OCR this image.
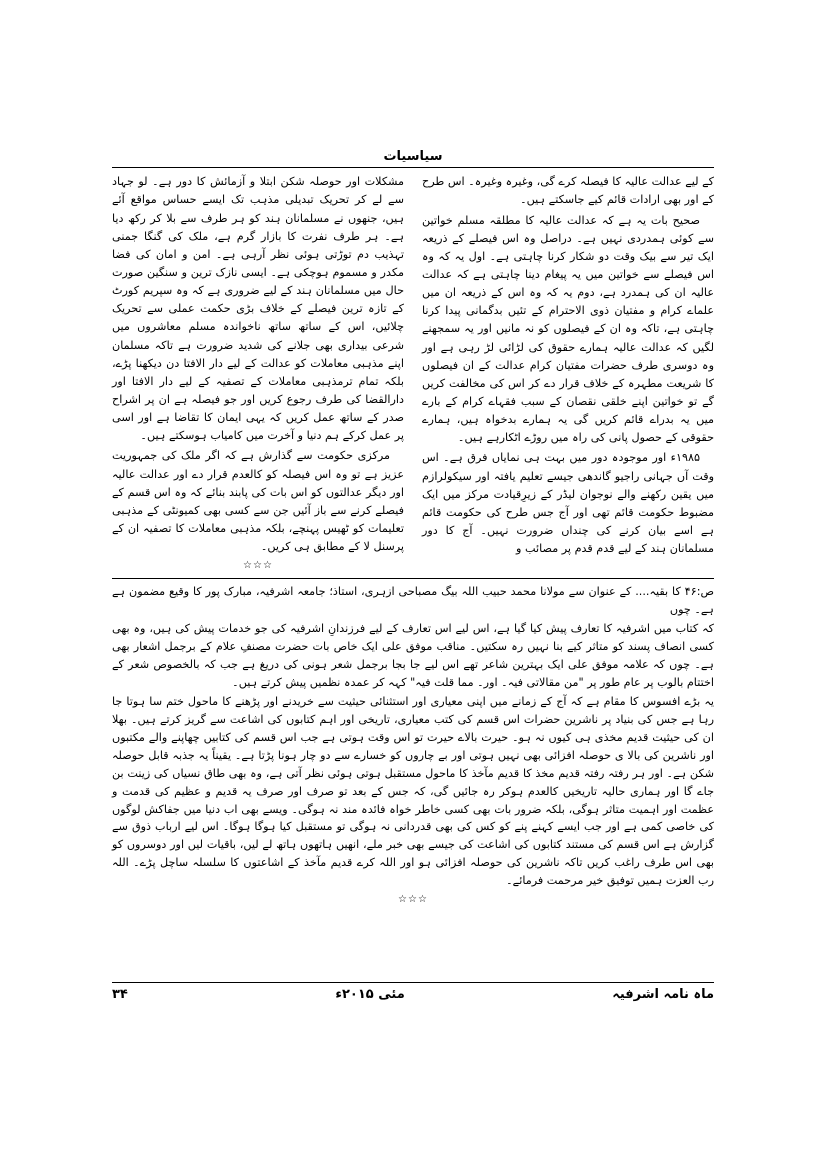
سیاسیات

کے لیے عدالت عالیہ کا فیصلہ کرے گی، وغیرہ وغیرہ۔ اس طرح کے اور بھی ارادات قائم کیے جاسکتے ہیں۔

صحیح بات یہ ہے کہ عدالت عالیہ کا مطلقہ مسلم خواتین سے کوئی ہمدردی نہیں ہے۔ دراصل وہ اس فیصلے کے ذریعہ ایک تیر سے بیک وقت دو شکار کرنا چاہتی ہے۔ اول یہ کہ وہ اس فیصلے سے خواتین میں یہ پیغام دینا چاہتی ہے کہ عدالت عالیہ ان کی ہمدرد ہے، دوم یہ کہ وہ اس کے ذریعہ ان میں علماے کرام و مفتیان ذوی الاحترام کے تئیں بدگمانی پیدا کرنا چاہتی ہے، تاکہ وہ ان کے فیصلوں کو نہ مانیں اور یہ سمجھنے لگیں کہ عدالت عالیہ ہمارے حقوق کی لڑائی لڑ رہی ہے اور وہ دوسری طرف حضرات مفتیان کرام عدالت کے ان فیصلوں کا شریعت مطہرہ کے خلاف قرار دے کر اس کی مخالفت کریں گے تو خواتین اپنے خلقی نقصان کے سبب فقہاے کرام کے بارے میں یہ بدراے قائم کریں گی یہ ہمارے بدخواہ ہیں، ہمارے حقوقی کے حصول پانی کی راہ میں روڑے اٹکارہے ہیں۔

۱۹۸۵ء اور موجودہ دور میں بہت ہی نمایاں فرق ہے۔ اس وقت آں جہانی راجیو گاندھی جیسے تعلیم یافتہ اور سیکولرازم میں یقین رکھنے والے نوجوان لیڈر کے زیرِقیادت مرکز میں ایک مضبوط حکومت قائم تھی اور آج جس طرح کی حکومت قائم ہے اسے بیان کرنے کی چنداں ضرورت نہیں۔ آج کا دور مسلمانان ہند کے لیے قدم قدم پر مصائب و

مشکلات اور حوصلہ شکن ابتلا و آزمائش کا دور ہے۔ لو جہاد سے لے کر تحریک تبدیلی مذہب تک ایسے حساس مواقع آئے ہیں، جنھوں نے مسلمانان ہند کو ہر طرف سے بلا کر رکھ دیا ہے۔ ہر طرف نفرت کا بازار گرم ہے، ملک کی گنگا جمنی تہذیب دم توڑتی ہوئی نظر آرہی ہے۔ امن و امان کی فضا مکدر و مسموم ہوچکی ہے۔ ایسی نازک ترین و سنگین صورت حال میں مسلمانان ہند کے لیے ضروری ہے کہ وہ سپریم کورٹ کے تازہ ترین فیصلے کے خلاف بڑی حکمت عملی سے تحریک چلائیں، اس کے ساتھ ساتھ ناخواندہ مسلم معاشروں میں شرعی بیداری بھی جلانے کی شدید ضرورت ہے تاکہ مسلمان اپنے مذہبی معاملات کو عدالت کے لیے دار الافتا دن دیکھنا پڑے، بلکہ تمام ترمذہبی معاملات کے تصفیہ کے لیے دار الافتا اور دارالقضا کی طرف رجوع کریں اور جو فیصلہ ہے ان پر اشراح صدر کے ساتھ عمل کریں کہ یہی ایمان کا تقاضا ہے اور اسی پر عمل کرکے ہم دنیا و آخرت میں کامیاب ہوسکتے ہیں۔

مرکزی حکومت سے گذارش ہے کہ اگر ملک کی جمہوریت عزیز ہے تو وہ اس فیصلہ کو کالعدم قرار دے اور عدالت عالیہ اور دیگر عدالتوں کو اس بات کی پابند بنائے کہ وہ اس قسم کے فیصلے کرنے سے باز آئیں جن سے کسی بھی کمیونٹی کے مذہبی تعلیمات کو ٹھیس پہنچے، بلکہ مذہبی معاملات کا تصفیہ ان کے پرسنل لا کے مطابق ہی کریں۔

☆☆☆

ص:۴۶ کا بقیہ.... کے عنوان سے مولانا محمد حبیب اللہ بیگ مصباحی ازہری، استاذ؛ جامعہ اشرفیہ، مبارک پور کا وقیع مضمون ہے ہے۔ چوں

کہ کتاب میں اشرفیہ کا تعارف پیش کیا گیا ہے، اس لیے اس تعارف کے لیے فرزندانِ اشرفیہ کی جو خدمات پیش کی ہیں، وہ بھی کسی انصاف پسند کو متاثر کیے بنا نہیں رہ سکتیں۔ مناقب موفق علی ایک خاص بات حضرت مصنفِ علام کے برجمل اشعار بھی ہے۔ چوں کہ علامہ موفق علی ایک بہترین شاعر تھے اس لیے جا بجا برجمل شعر ہونی کی دریغ ہے جب کہ بالخصوص شعر کے اختتام بالوب پر عام طور پر "من مقالاتی فیہ۔ اور۔ مما قلت فیہ" کہہ کر عمدہ نظمیں پیش کرتے ہیں۔

یہ بڑے افسوس کا مقام ہے کہ آج کے زمانے میں اپنی معیاری اور استثنائی حیثیت سے خریدنے اور پڑھنے کا ماحول ختم سا ہوتا جا رہا ہے جس کی بنیاد پر ناشرین حضرات اس قسم کی کتب معیاری، تاریخی اور اہم کتابوں کی اشاعت سے گریز کرتے ہیں۔ بھلا ان کی حیثیت قدیم مخذی ہی کیوں نہ ہو۔ حیرت بالاے حیرت تو اس وقت ہوتی ہے جب اس قسم کی کتابیں چھاپنے والے مکتبوں اور ناشرین کی بالا ی حوصلہ افزائی بھی نہیں ہوتی اور بے چاروں کو خسارے سے دو چار ہونا پڑتا ہے۔ یقیناً یہ جذبہ قابل حوصلہ شکن ہے۔ اور ہر رفتہ رفتہ قدیم مخذ کا قدیم مآخذ کا ماحول مستقبل ہوتی ہوئی نظر آتی ہے، وہ بھی طاق نسیاں کی زینت بن جاے گا اور ہماری حالیہ تاریخیں کالعدم ہوکر رہ جائیں گی، کہ جس کے بعد تو صرف اور صرف یہ قدیم و عظیم کی قدمت و عظمت اور اہمیت متاثر ہوگی، بلکہ ضرور بات بھی کسی خاطر خواہ فائدہ مند نہ ہوگی۔ ویسے بھی اب دنیا میں جفاکش لوگوں کی خاصی کمی ہے اور جب ایسے کہنے پنے کو کس کی بھی قدردانی نہ ہوگی تو مستقبل کیا ہوگا ہوگا۔ اس لیے ارباب ذوق سے گزارش ہے اس قسم کی مستند کتابوں کی اشاعت کی جیسے بھی خبر ملے، انھیں ہاتھوں ہاتھ لے لیں، باقیات لیں اور دوسروں کو بھی اس طرف راغب کریں تاکہ ناشرین کی حوصلہ افزائی ہو اور اللہ کرے قدیم مآخذ کے اشاعتوں کا سلسلہ ساچل پڑے۔ اللہ رب العزت ہمیں توفیق خیر مرحمت فرمائے۔

☆☆☆
ماہ نامہ اشرفیہ
مئی ۲۰۱۵ء
۳۴
